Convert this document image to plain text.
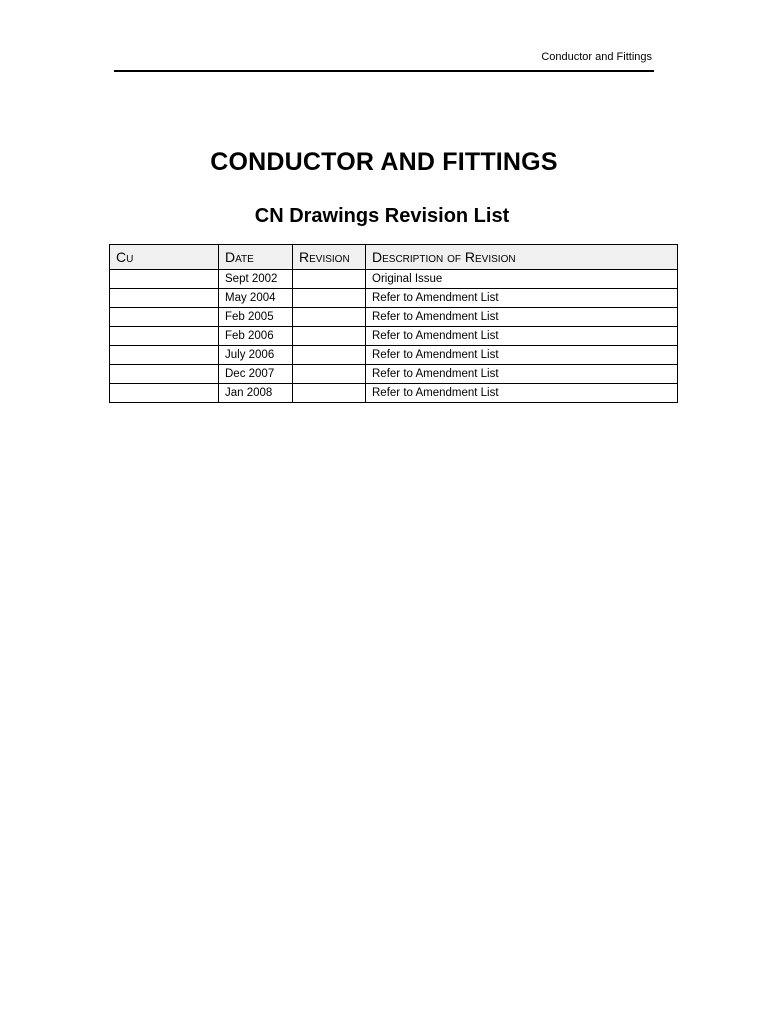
Conductor and Fittings
CONDUCTOR AND FITTINGS
CN Drawings Revision List
Cu	Date	Revision	Description of Revision
	Sept 2002		Original Issue
	May 2004		Refer to Amendment List
	Feb 2005		Refer to Amendment List
	Feb 2006		Refer to Amendment List
	July 2006		Refer to Amendment List
	Dec 2007		Refer to Amendment List
	Jan 2008		Refer to Amendment List
